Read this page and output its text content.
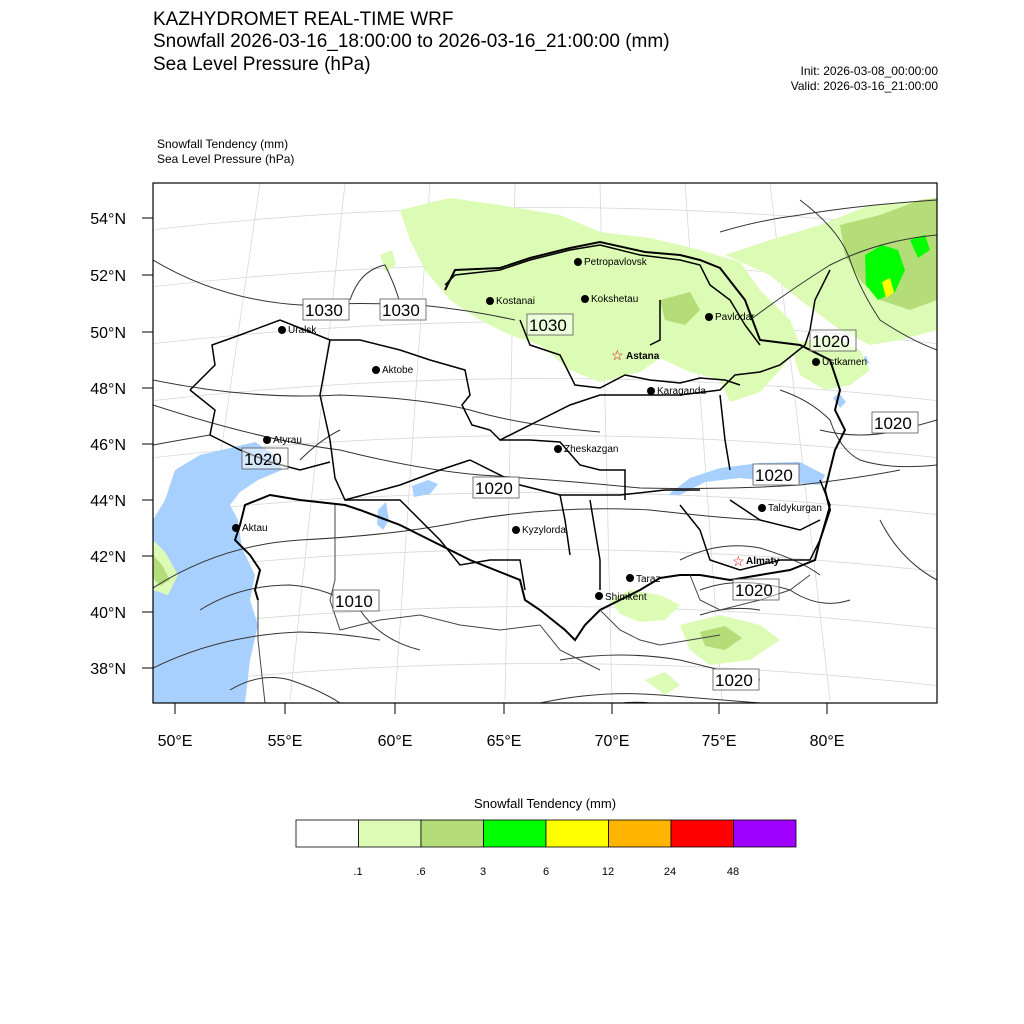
KAZHYDROMET REAL-TIME WRF
Snowfall 2026-03-16_18:00:00 to 2026-03-16_21:00:00 (mm)
Sea Level Pressure (hPa)	Init: 2026-03-08_00:00:00
Valid: 2026-03-16_21:00:00
Snowfall Tendency (mm)
Sea Level Pressure (hPa)
54°N
52°N
50°N
48°N
46°N
44°N
42°N
40°N
38°N
50°E	55°E	60°E	65°E	70°E	75°E	80°E
1030 1030
1030
1020
1020
1020
1020
1020
1020
1010
1020
Petropavlovsk
Kostanai	Kokshetau
Pavlodar
Uralsk
Aktobe
☆ Astana
Ustkamen
Karaganda
Atyrau
Zheskazgan
Taldykurgan
Aktau	Kyzylorda
☆ Almaty
Taraz
Shimkent
Snowfall Tendency (mm)
.1	.6	3	6	12	24	48
